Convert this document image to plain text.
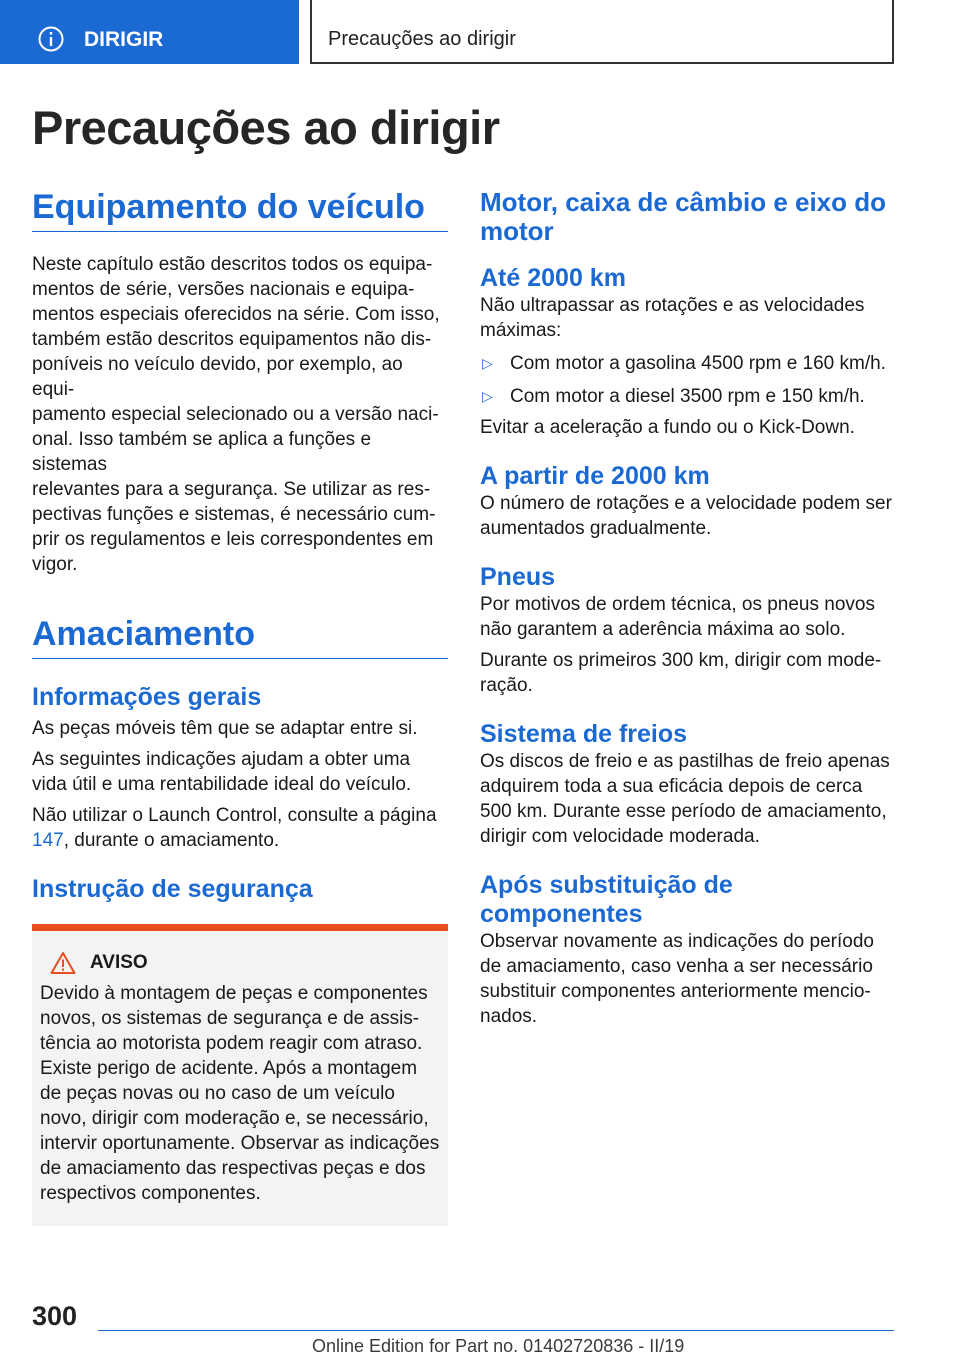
DIRIGIR	Precauções ao dirigir
Precauções ao dirigir
Equipamento do veículo
Neste capítulo estão descritos todos os equipa‐
mentos de série, versões nacionais e equipa‐
mentos especiais oferecidos na série. Com isso,
também estão descritos equipamentos não dis‐
poníveis no veículo devido, por exemplo, ao equi‐
pamento especial selecionado ou a versão naci‐
onal. Isso também se aplica a funções e sistemas
relevantes para a segurança. Se utilizar as res‐
pectivas funções e sistemas, é necessário cum‐
prir os regulamentos e leis correspondentes em
vigor.
Amaciamento
Informações gerais
As peças móveis têm que se adaptar entre si.
As seguintes indicações ajudam a obter uma
vida útil e uma rentabilidade ideal do veículo.
Não utilizar o Launch Control, consulte a página
147, durante o amaciamento.
Instrução de segurança
AVISO
Devido à montagem de peças e componentes
novos, os sistemas de segurança e de assis‐
tência ao motorista podem reagir com atraso.
Existe perigo de acidente. Após a montagem
de peças novas ou no caso de um veículo
novo, dirigir com moderação e, se necessário,
intervir oportunamente. Observar as indicações
de amaciamento das respectivas peças e dos
respectivos componentes.
Motor, caixa de câmbio e eixo do
motor
Até 2000 km
Não ultrapassar as rotações e as velocidades
máximas:
▷ Com motor a gasolina 4500 rpm e 160 km/h.
▷ Com motor a diesel 3500 rpm e 150 km/h.
Evitar a aceleração a fundo ou o Kick-Down.
A partir de 2000 km
O número de rotações e a velocidade podem ser
aumentados gradualmente.
Pneus
Por motivos de ordem técnica, os pneus novos
não garantem a aderência máxima ao solo.
Durante os primeiros 300 km, dirigir com mode‐
ração.
Sistema de freios
Os discos de freio e as pastilhas de freio apenas
adquirem toda a sua eficácia depois de cerca
500 km. Durante esse período de amaciamento,
dirigir com velocidade moderada.
Após substituição de
componentes
Observar novamente as indicações do período
de amaciamento, caso venha a ser necessário
substituir componentes anteriormente mencio‐
nados.
300
Online Edition for Part no. 01402720836 - II/19
